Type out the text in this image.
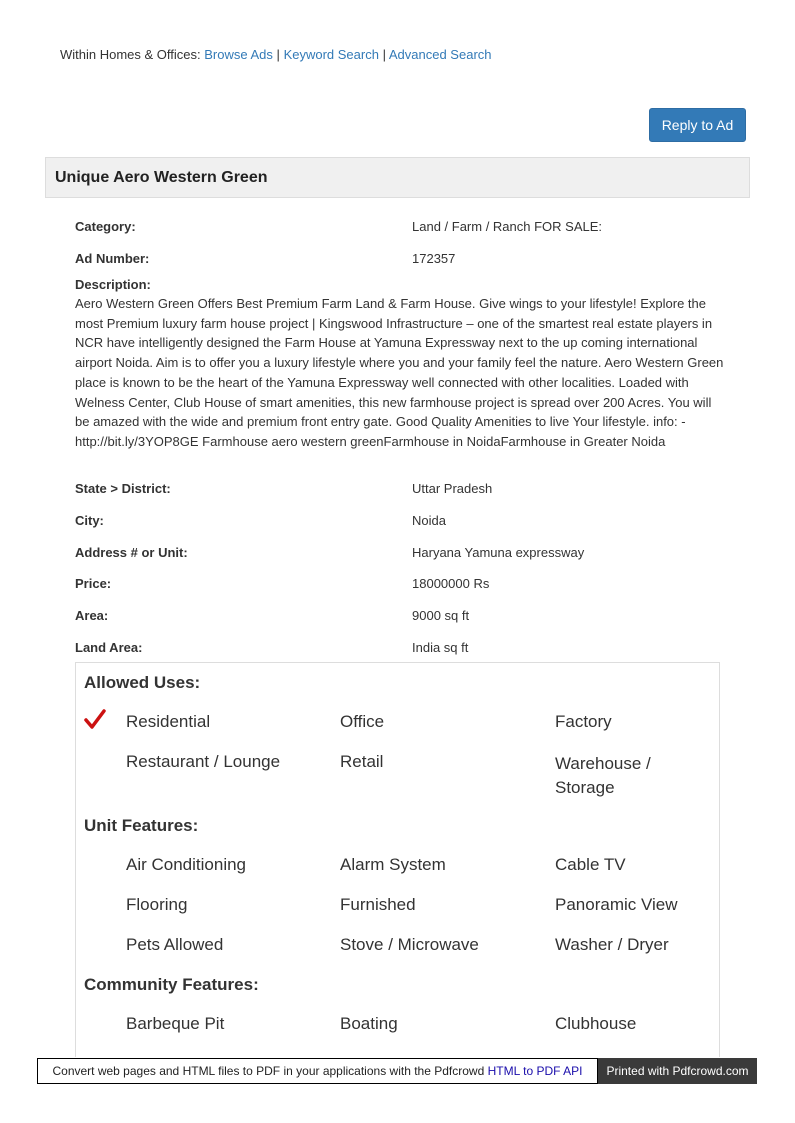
Within Homes & Offices: Browse Ads | Keyword Search | Advanced Search
Reply to Ad
Unique Aero Western Green
Category:	Land / Farm / Ranch FOR SALE:
Ad Number:	172357
Description:
Aero Western Green Offers Best Premium Farm Land & Farm House. Give wings to your lifestyle! Explore the most Premium luxury farm house project | Kingswood Infrastructure – one of the smartest real estate players in NCR have intelligently designed the Farm House at Yamuna Expressway next to the up coming international airport Noida. Aim is to offer you a luxury lifestyle where you and your family feel the nature. Aero Western Green place is known to be the heart of the Yamuna Expressway well connected with other localities. Loaded with Welness Center, Club House of smart amenities, this new farmhouse project is spread over 200 Acres. You will be amazed with the wide and premium front entry gate. Good Quality Amenities to live Your lifestyle. info: - http://bit.ly/3YOP8GE Farmhouse aero western greenFarmhouse in NoidaFarmhouse in Greater Noida
State > District:	Uttar Pradesh
City:	Noida
Address # or Unit:	Haryana Yamuna expressway
Price:	18000000 Rs
Area:	9000 sq ft
Land Area:	India sq ft
Allowed Uses:
Residential	Office	Factory
Restaurant / Lounge	Retail	Warehouse / Storage
Unit Features:
Air Conditioning	Alarm System	Cable TV
Flooring	Furnished	Panoramic View
Pets Allowed	Stove / Microwave	Washer / Dryer
Community Features:
Barbeque Pit	Boating	Clubhouse
Convert web pages and HTML files to PDF in your applications with the Pdfcrowd HTML to PDF API	Printed with Pdfcrowd.com
